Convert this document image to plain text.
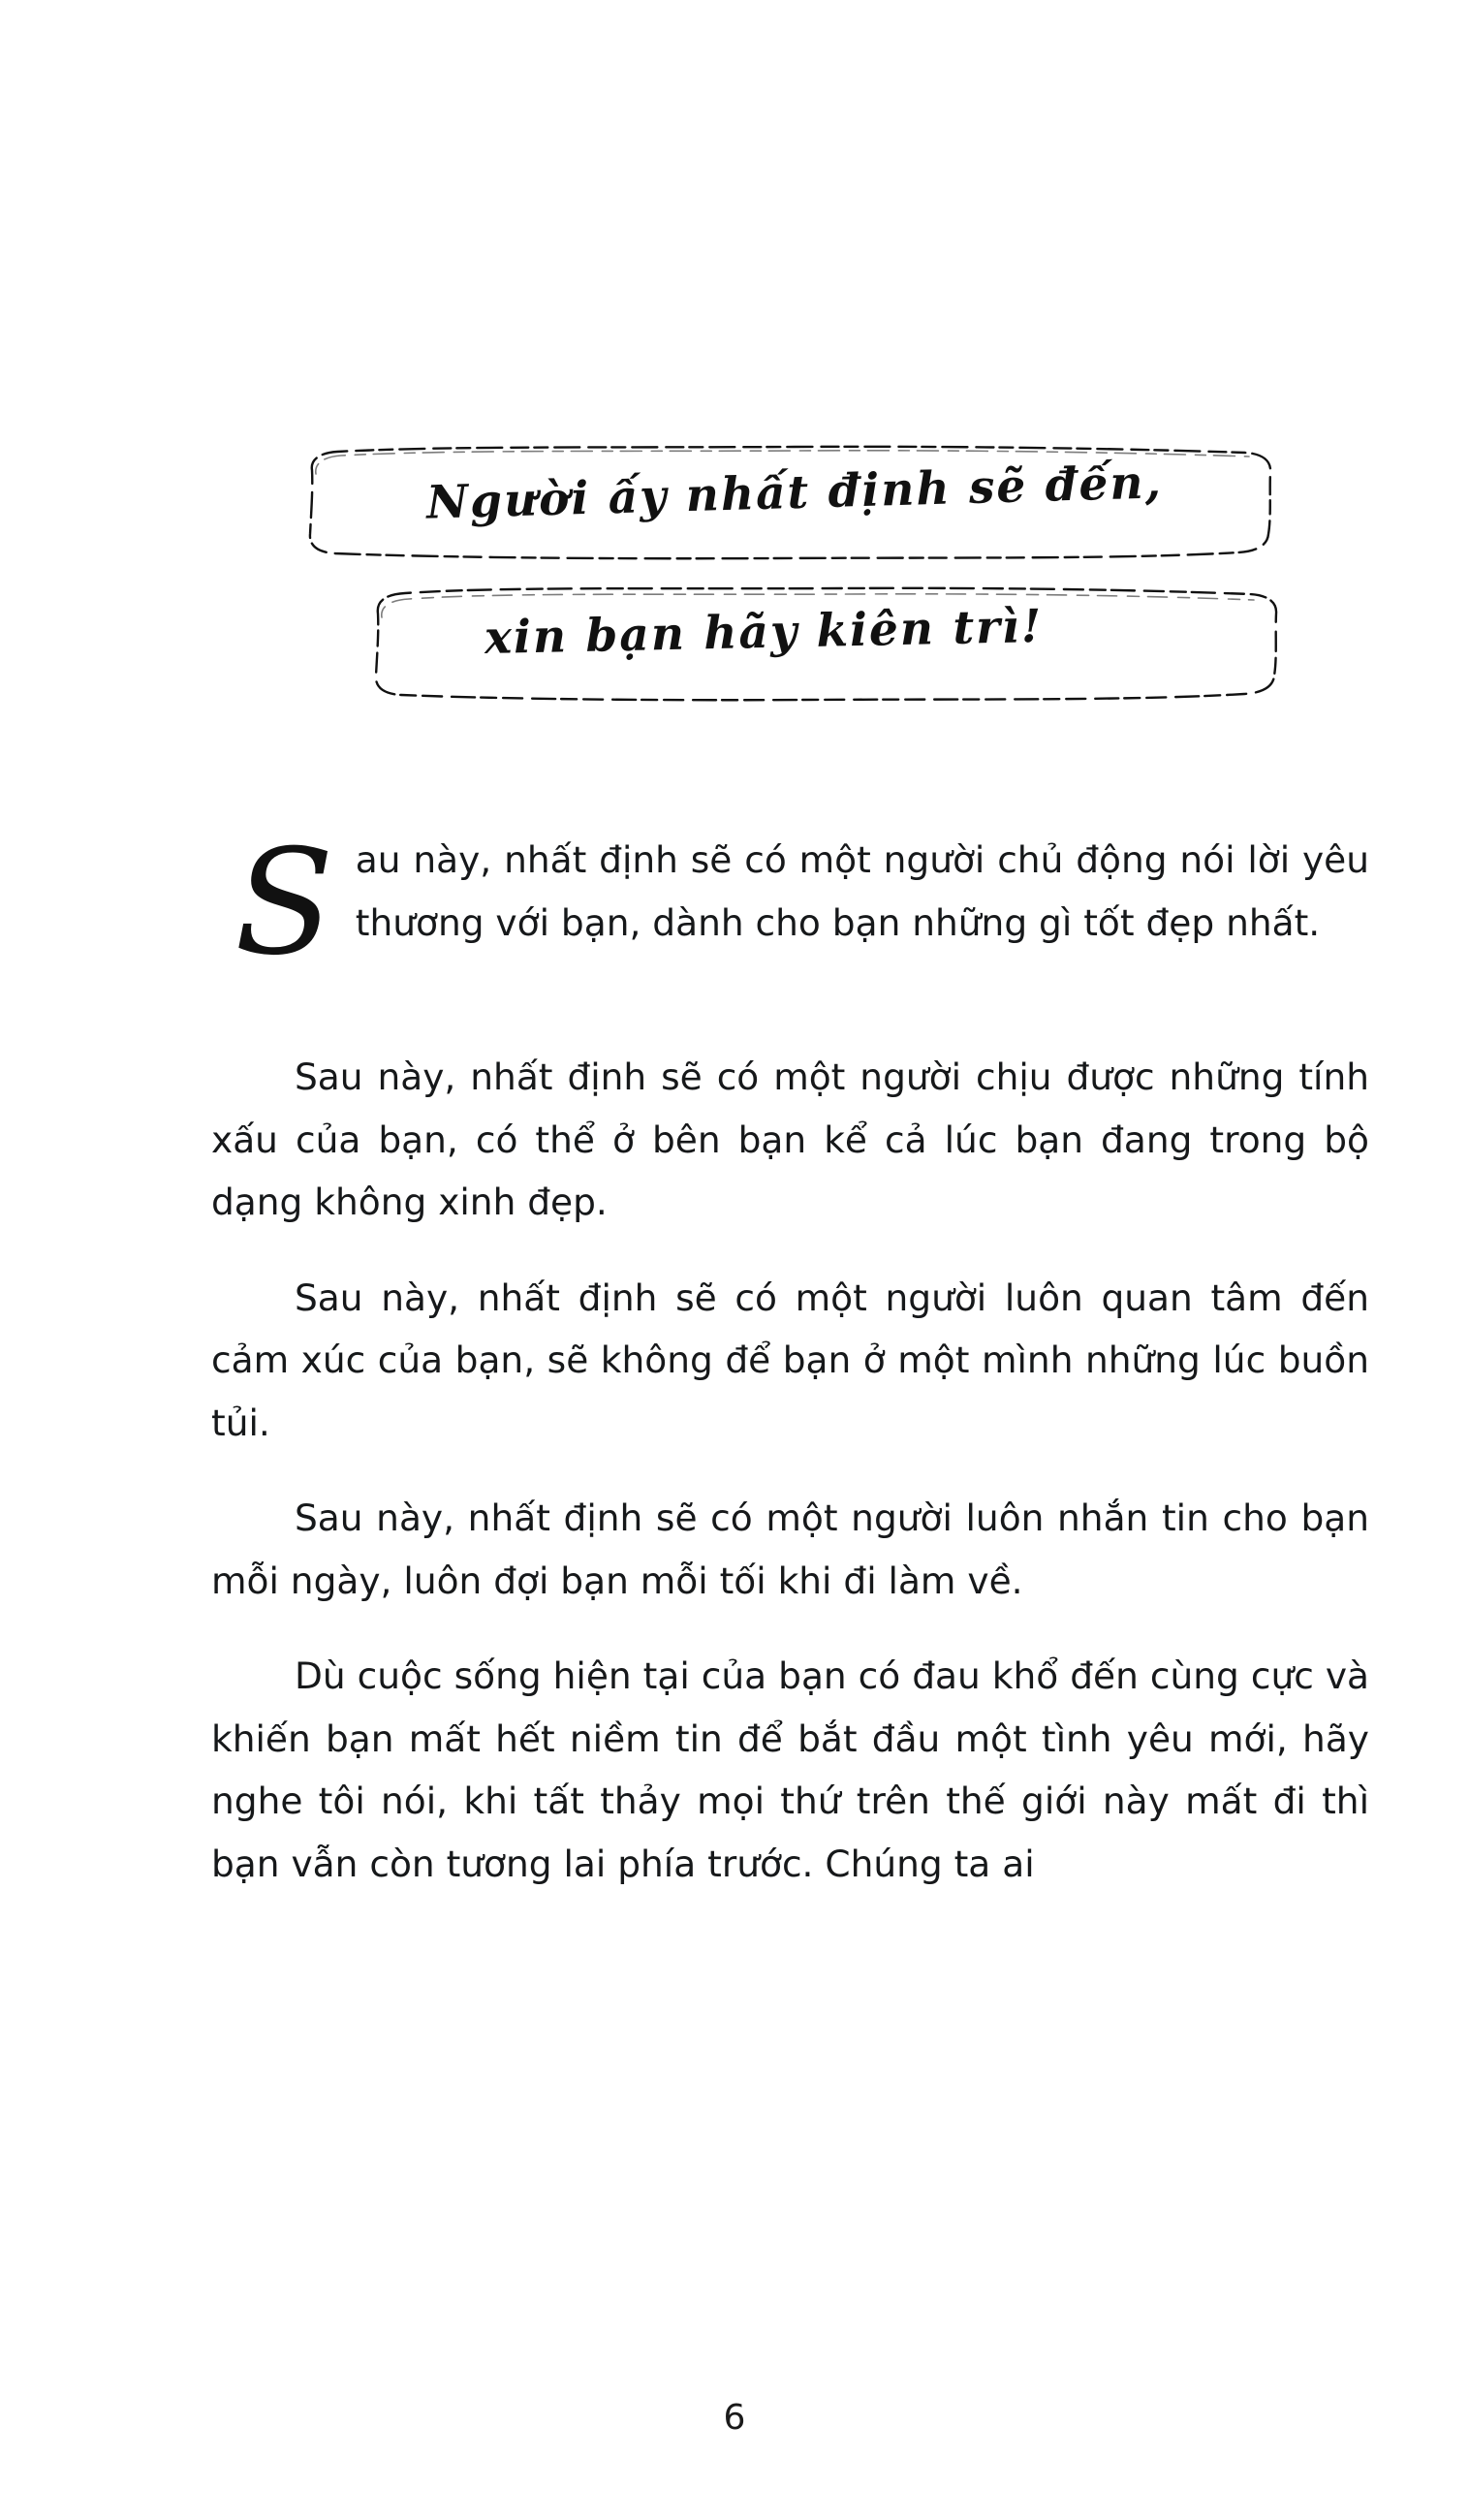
Người ấy nhất định sẽ đến,
xin bạn hãy kiên trì!

Sau này, nhất định sẽ có một người chủ động nói lời yêu thương với bạn, dành cho bạn những gì tốt đẹp nhất.

Sau này, nhất định sẽ có một người chịu được những tính xấu của bạn, có thể ở bên bạn kể cả lúc bạn đang trong bộ dạng không xinh đẹp.

Sau này, nhất định sẽ có một người luôn quan tâm đến cảm xúc của bạn, sẽ không để bạn ở một mình những lúc buồn tủi.

Sau này, nhất định sẽ có một người luôn nhắn tin cho bạn mỗi ngày, luôn đợi bạn mỗi tối khi đi làm về.

Dù cuộc sống hiện tại của bạn có đau khổ đến cùng cực và khiến bạn mất hết niềm tin để bắt đầu một tình yêu mới, hãy nghe tôi nói, khi tất thảy mọi thứ trên thế giới này mất đi thì bạn vẫn còn tương lai phía trước. Chúng ta ai

6
